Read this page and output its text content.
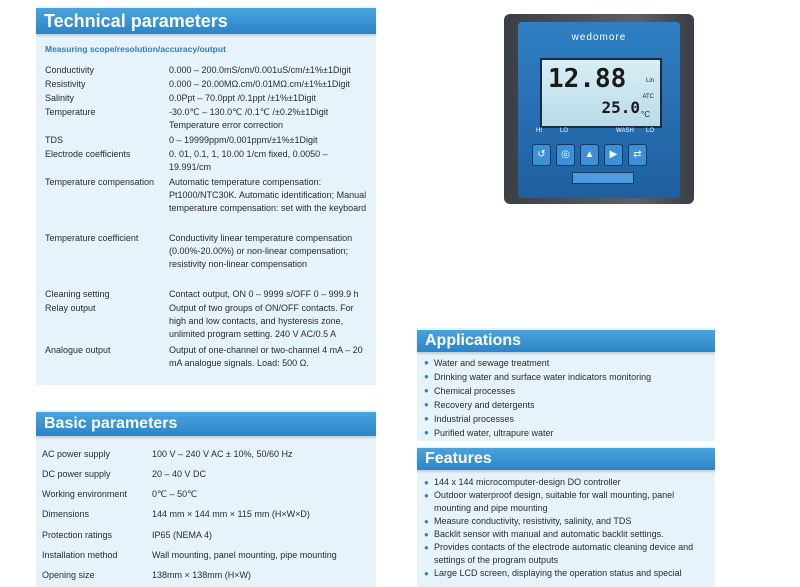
Technical parameters
Measuring scope/resolution/accuracy/output
Conductivity	0.000 – 200.0mS/cm/0.001uS/cm/±1%±1Digit
Resistivity	0.000 – 20.00MΩ.cm/0.01MΩ.cm/±1%±1Digit
Salinity	0.0Ppt – 70.0ppt /0.1ppt /±1%±1Digit
Temperature	-30.0℃ – 130.0℃ /0.1℃ /±0.2%±1Digit Temperature error correction
TDS	0 – 19999ppm/0.001ppm/±1%±1Digit
Electrode coefficients	0. 01, 0.1, 1, 10.00 1/cm fixed, 0.0050 – 19.991/cm
Temperature compensation	Automatic temperature compensation: Pt1000/NTC30K. Automatic identification; Manual temperature compensation: set with the keyboard
Temperature coefficient	Conductivity linear temperature compensation (0.00%-20.00%) or non-linear compensation; resistivity non-linear compensation
Cleaning setting	Contact output, ON 0 – 9999 s/OFF 0 – 999.9 h
Relay output	Output of two groups of ON/OFF contacts. For high and low contacts, and hysteresis zone, unlimited program setting. 240 V AC/0.5 A
Analogue output	Output of one-channel or two-channel 4 mA – 20 mA analogue signals. Load: 500 Ω.
Basic parameters
AC power supply	100 V – 240 V AC ± 10%, 50/60 Hz
DC power supply	20 – 40 V DC
Working environment	0℃ – 50℃
Dimensions	144 mm × 144 mm × 115 mm (H×W×D)
Protection ratings	IP65 (NEMA 4)
Installation method	Wall mounting, panel mounting, pipe mounting
Opening size	138mm × 138mm (H×W)
wedomore
12.88	Lin
ATC
25.0 °C
HI	LO	WASH LO
↺	◎	▲	▶	⇄
Applications
● Water and sewage treatment
● Drinking water and surface water indicators monitoring
● Chemical processes
● Recovery and detergents
● Industrial processes
● Purified water, ultrapure water
Features
● 144 x 144 microcomputer-design DO controller
● Outdoor waterproof design, suitable for wall mounting, panel mounting and pipe mounting
● Measure conductivity, resistivity, salinity, and TDS
● Backlit sensor with manual and automatic backlit settings.
● Provides contacts of the electrode automatic cleaning device and settings of the program outputs
● Large LCD screen, displaying the operation status and special
